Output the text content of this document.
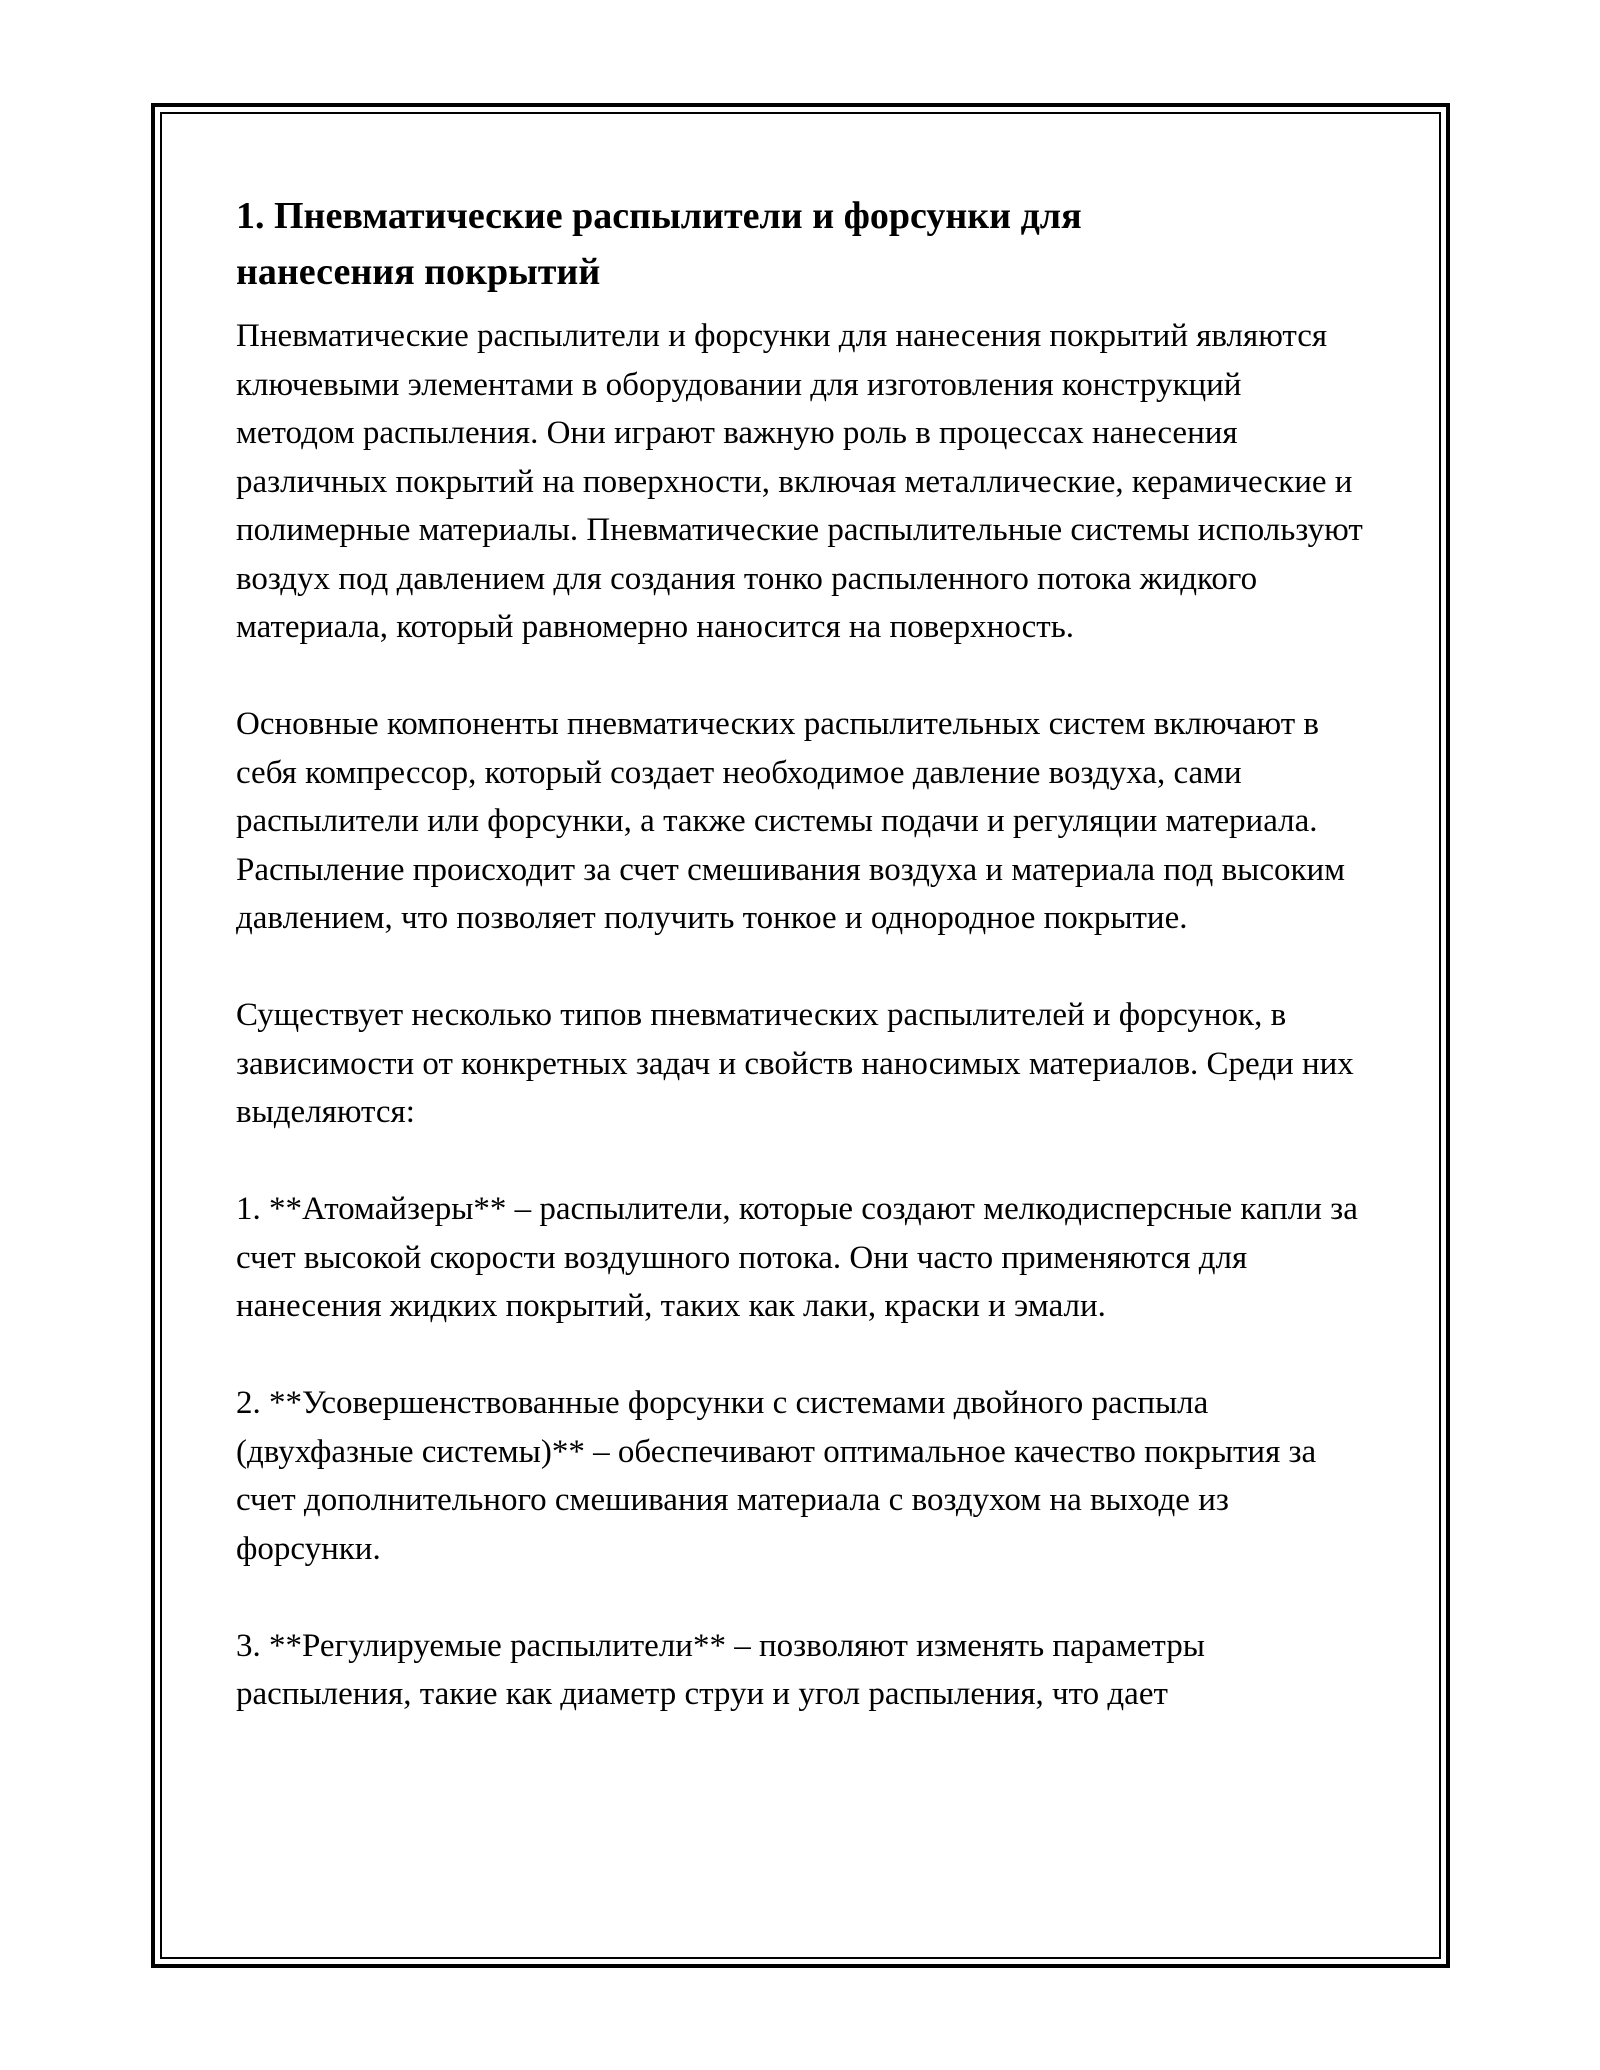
1. Пневматические распылители и форсунки для нанесения покрытий

Пневматические распылители и форсунки для нанесения покрытий являются ключевыми элементами в оборудовании для изготовления конструкций методом распыления. Они играют важную роль в процессах нанесения различных покрытий на поверхности, включая металлические, керамические и полимерные материалы. Пневматические распылительные системы используют воздух под давлением для создания тонко распыленного потока жидкого материала, который равномерно наносится на поверхность.

Основные компоненты пневматических распылительных систем включают в себя компрессор, который создает необходимое давление воздуха, сами распылители или форсунки, а также системы подачи и регуляции материала. Распыление происходит за счет смешивания воздуха и материала под высоким давлением, что позволяет получить тонкое и однородное покрытие.

Существует несколько типов пневматических распылителей и форсунок, в зависимости от конкретных задач и свойств наносимых материалов. Среди них выделяются:

1. **Атомайзеры** – распылители, которые создают мелкодисперсные капли за счет высокой скорости воздушного потока. Они часто применяются для нанесения жидких покрытий, таких как лаки, краски и эмали.

2. **Усовершенствованные форсунки с системами двойного распыла (двухфазные системы)** – обеспечивают оптимальное качество покрытия за счет дополнительного смешивания материала с воздухом на выходе из форсунки.

3. **Регулируемые распылители** – позволяют изменять параметры распыления, такие как диаметр струи и угол распыления, что дает
